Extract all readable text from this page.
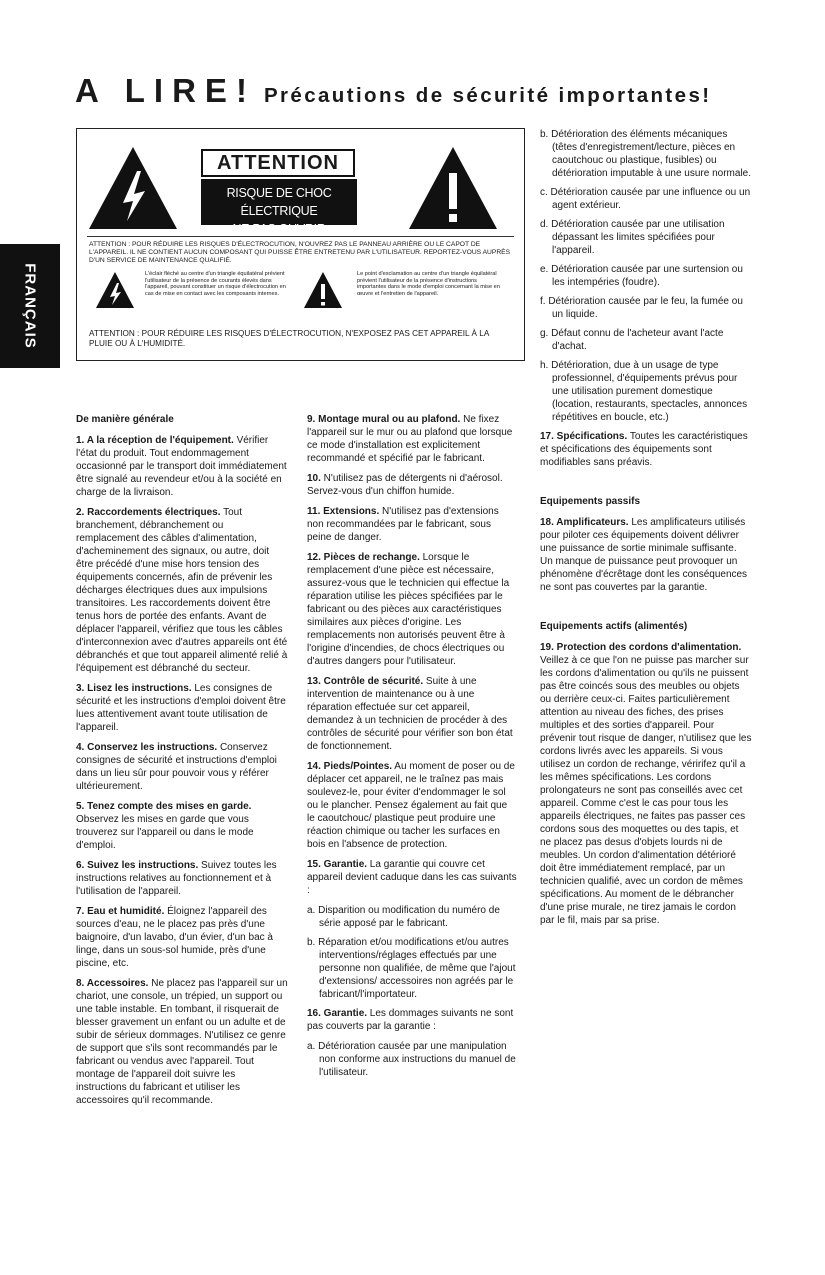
A LIRE! Précautions de sécurité importantes!
FRANÇAIS
ATTENTION
RISQUE DE CHOC ÉLECTRIQUE
NE PAS OUVRIR
ATTENTION : POUR RÉDUIRE LES RISQUES D'ÉLECTROCUTION, N'OUVREZ PAS LE PANNEAU ARRIÈRE OU LE CAPOT DE L'APPAREIL. IL NE CONTIENT AUCUN COMPOSANT QUI PUISSE ÊTRE ENTRETENU PAR L'UTILISATEUR. REPORTEZ-VOUS AUPRÈS D'UN SERVICE DE MAINTENANCE QUALIFIÉ.
L'éclair fléché au centre d'un triangle équilatéral prévient l'utilisateur de la présence de courants élevés dans l'appareil, pouvant constituer un risque d'électrocution en cas de mise en contact avec les composants internes.
Le point d'exclamation au centre d'un triangle équilatéral prévient l'utilisateur de la présence d'instructions importantes dans le mode d'emploi concernant la mise en œuvre et l'entretien de l'appareil.
ATTENTION : POUR RÉDUIRE LES RISQUES D'ÉLECTROCUTION, N'EXPOSEZ PAS CET APPAREIL À LA PLUIE OU À L'HUMIDITÉ.

De manière générale

1. A la réception de l'équipement. Vérifier l'état du produit. Tout endommagement occasionné par le transport doit immédiatement être signalé au revendeur et/ou à la société en charge de la livraison.

2. Raccordements électriques. Tout branchement, débranchement ou remplacement des câbles d'alimentation, d'acheminement des signaux, ou autre, doit être précédé d'une mise hors tension des équipements concernés, afin de prévenir les décharges électriques dues aux impulsions transitoires. Les raccordements doivent être tenus hors de portée des enfants. Avant de déplacer l'appareil, vérifiez que tous les câbles d'interconnexion avec d'autres appareils ont été débranchés et que tout appareil alimenté relié à l'équipement est débranché du secteur.

3. Lisez les instructions. Les consignes de sécurité et les instructions d'emploi doivent être lues attentivement avant toute utilisation de l'appareil.

4. Conservez les instructions. Conservez consignes de sécurité et instructions d'emploi dans un lieu sûr pour pouvoir vous y référer ultérieurement.

5. Tenez compte des mises en garde. Observez les mises en garde que vous trouverez sur l'appareil ou dans le mode d'emploi.

6. Suivez les instructions. Suivez toutes les instructions relatives au fonctionnement et à l'utilisation de l'appareil.

7. Eau et humidité. Éloignez l'appareil des sources d'eau, ne le placez pas près d'une baignoire, d'un lavabo, d'un évier, d'un bac à linge, dans un sous-sol humide, près d'une piscine, etc.

8. Accessoires. Ne placez pas l'appareil sur un chariot, une console, un trépied, un support ou une table instable. En tombant, il risquerait de blesser gravement un enfant ou un adulte et de subir de sérieux dommages. N'utilisez ce genre de support que s'ils sont recommandés par le fabricant ou vendus avec l'appareil. Tout montage de l'appareil doit suivre les instructions du fabricant et utiliser les accessoires qu'il recommande.

9. Montage mural ou au plafond. Ne fixez l'appareil sur le mur ou au plafond que lorsque ce mode d'installation est explicitement recommandé et spécifié par le fabricant.

10. N'utilisez pas de détergents ni d'aérosol. Servez-vous d'un chiffon humide.

11. Extensions. N'utilisez pas d'extensions non recommandées par le fabricant, sous peine de danger.

12. Pièces de rechange. Lorsque le remplacement d'une pièce est nécessaire, assurez-vous que le technicien qui effectue la réparation utilise les pièces spécifiées par le fabricant ou des pièces aux caractéristiques similaires aux pièces d'origine. Les remplacements non autorisés peuvent être à l'origine d'incendies, de chocs électriques ou d'autres dangers pour l'utilisateur.

13. Contrôle de sécurité. Suite à une intervention de maintenance ou à une réparation effectuée sur cet appareil, demandez à un technicien de procéder à des contrôles de sécurité pour vérifier son bon état de fonctionnement.

14. Pieds/Pointes. Au moment de poser ou de déplacer cet appareil, ne le traînez pas mais soulevez-le, pour éviter d'endommager le sol ou le plancher. Pensez également au fait que le caoutchouc/ plastique peut produire une réaction chimique ou tacher les surfaces en bois en l'absence de protection.

15. Garantie. La garantie qui couvre cet appareil devient caduque dans les cas suivants :

a. Disparition ou modification du numéro de série apposé par le fabricant.

b. Réparation et/ou modifications et/ou autres interventions/réglages effectués par une personne non qualifiée, de même que l'ajout d'extensions/ accessoires non agréés par le fabricant/l'importateur.

16. Garantie. Les dommages suivants ne sont pas couverts par la garantie :

a. Détérioration causée par une manipulation non conforme aux instructions du manuel de l'utilisateur.

b. Détérioration des éléments mécaniques (têtes d'enregistrement/lecture, pièces en caoutchouc ou plastique, fusibles) ou détérioration imputable à une usure normale.

c. Détérioration causée par une influence ou un agent extérieur.

d. Détérioration causée par une utilisation dépassant les limites spécifiées pour l'appareil.

e. Détérioration causée par une surtension ou les intempéries (foudre).

f. Détérioration causée par le feu, la fumée ou un liquide.

g. Défaut connu de l'acheteur avant l'acte d'achat.

h. Détérioration, due à un usage de type professionnel, d'équipements prévus pour une utilisation purement domestique (location, restaurants, spectacles, annonces répétitives en boucle, etc.)

17. Spécifications. Toutes les caractéristiques et spécifications des équipements sont modifiables sans préavis.

Equipements passifs

18. Amplificateurs. Les amplificateurs utilisés pour piloter ces équipements doivent délivrer une puissance de sortie minimale suffisante. Un manque de puissance peut provoquer un phénomène d'écrêtage dont les conséquences ne sont pas couvertes par la garantie.

Equipements actifs (alimentés)

19. Protection des cordons d'alimentation. Veillez à ce que l'on ne puisse pas marcher sur les cordons d'alimentation ou qu'ils ne puissent pas être coincés sous des meubles ou objets ou derrière ceux-ci. Faites particulièrement attention au niveau des fiches, des prises multiples et des sorties d'appareil. Pour prévenir tout risque de danger, n'utilisez que les cordons livrés avec les appareils. Si vous utilisez un cordon de rechange, véririfez qu'il a les mêmes spécifications. Les cordons prolongateurs ne sont pas conseillés avec cet appareil. Comme c'est le cas pour tous les appareils électriques, ne faites pas passer ces cordons sous des moquettes ou des tapis, et ne placez pas desus d'objets lourds ni de meubles. Un cordon d'alimentation détérioré doit être immédiatement remplacé, par un technicien qualifié, avec un cordon de mêmes spécifications. Au moment de le débrancher d'une prise murale, ne tirez jamais le cordon par le fil, mais par sa prise.
